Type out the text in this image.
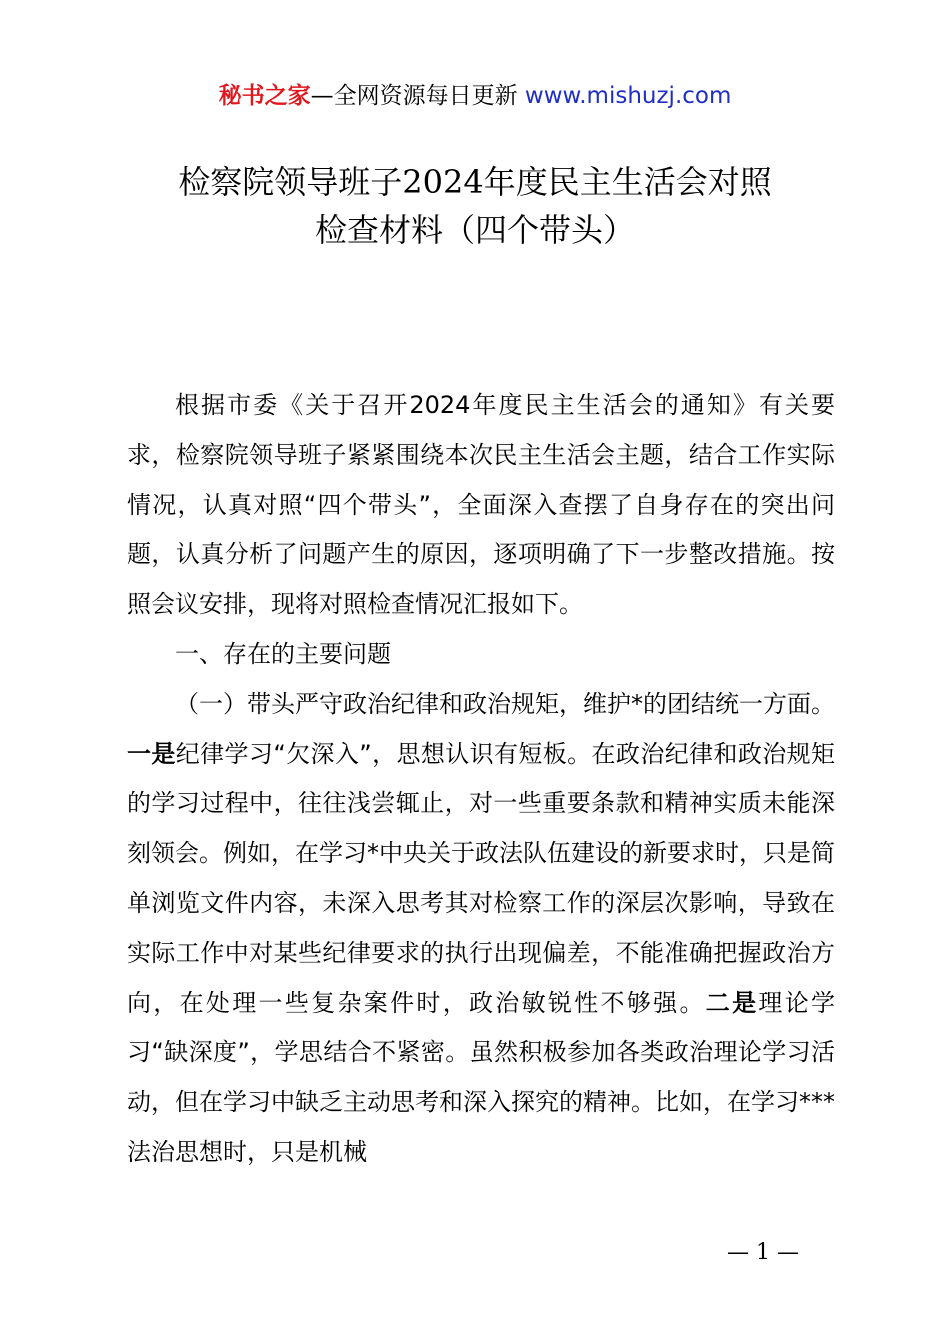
秘书之家—全网资源每日更新 www.mishuzj.com
检察院领导班子2024年度民主生活会对照
检查材料（四个带头）

根据市委《关于召开2024年度民主生活会的通知》有关要求，检察院领导班子紧紧围绕本次民主生活会主题，结合工作实际情况，认真对照“四个带头”，全面深入查摆了自身存在的突出问题，认真分析了问题产生的原因，逐项明确了下一步整改措施。按照会议安排，现将对照检查情况汇报如下。

一、存在的主要问题

（一）带头严守政治纪律和政治规矩，维护*的团结统一方面。一是纪律学习“欠深入”，思想认识有短板。在政治纪律和政治规矩的学习过程中，往往浅尝辄止，对一些重要条款和精神实质未能深刻领会。例如，在学习*中央关于政法队伍建设的新要求时，只是简单浏览文件内容，未深入思考其对检察工作的深层次影响，导致在实际工作中对某些纪律要求的执行出现偏差，不能准确把握政治方向，在处理一些复杂案件时，政治敏锐性不够强。二是理论学习“缺深度”，学思结合不紧密。虽然积极参加各类政治理论学习活动，但在学习中缺乏主动思考和深入探究的精神。比如，在学习***法治思想时，只是机械

— 1 —
